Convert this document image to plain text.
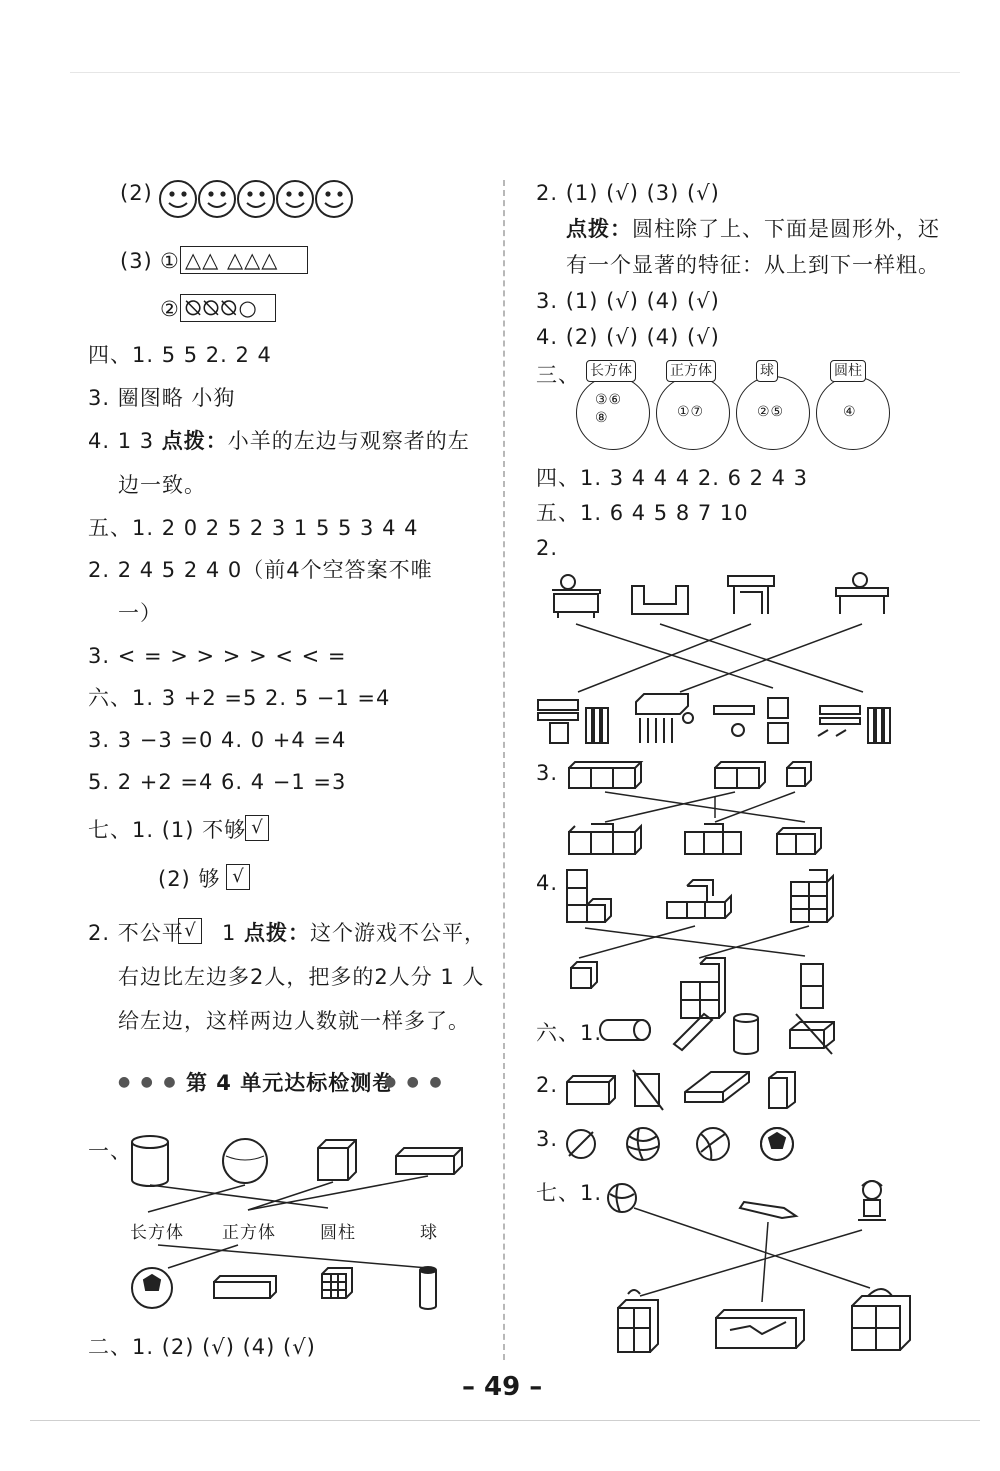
(2)
(3) ① △△ △△△
② ⦰⦰⦰○
四、1. 5 5 2. 2 4
3. 圈图略 小狗
4. 1 3 点拨：小羊的左边与观察者的左
边一致。
五、1. 2 0 2 5 2 3 1 5 5 3 4 4
2. 2 4 5 2 4 0（前4个空答案不唯
一）
3. < = > > > > < < =
六、1. 3 +2 =5 2. 5 −1 =4
3. 3 −3 =0 4. 0 +4 =4
5. 2 +2 =4 6. 4 −1 =3
七、1. (1) 不够 √
(2) 够 √
2. 不公平 √ 1 点拨：这个游戏不公平，
右边比左边多2人，把多的2人分 1 人
给左边，这样两边人数就一样多了。
● ● ● 第 4 单元达标检测卷
● ● ●
一、
长方体 正方体	圆柱	球
二、1. (2) (√) (4) (√)
2. (1) (√) (3) (√)
点拨：圆柱除了上、下面是圆形外，还
有一个显著的特征：从上到下一样粗。
3. (1) (√) (4) (√)
4. (2) (√) (4) (√)
三、
③⑥
⑧
长方体
①⑦
正方体
②⑤
球
④
圆柱
四、1. 3 4 4 4 2. 6 2 4 3
五、1. 6 4 5 8 7 10
2.
3.
4.
六、1.
2.
3.
七、1.
– 49 –
